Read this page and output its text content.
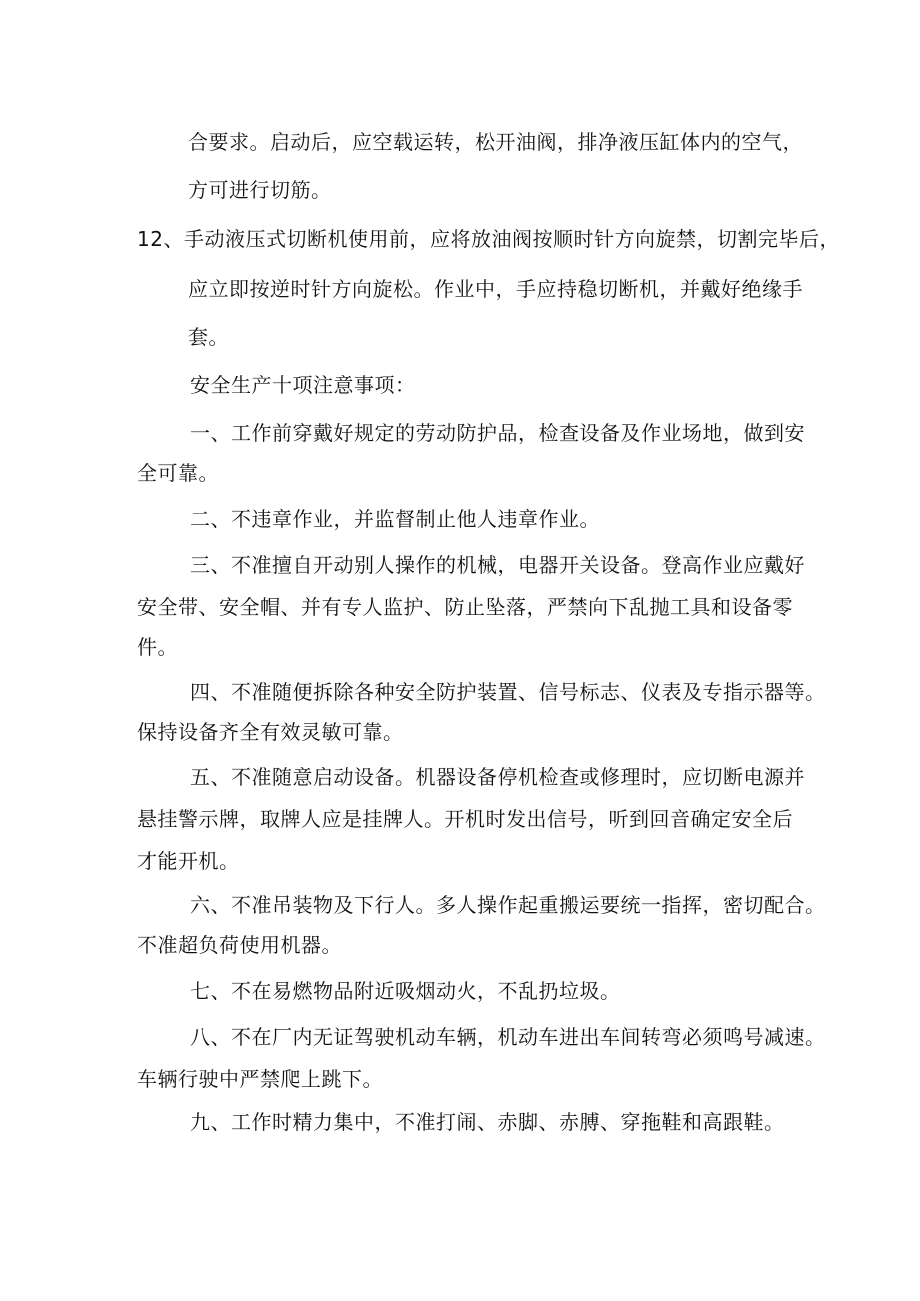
合要求。启动后，应空载运转，松开油阀，排净液压缸体内的空气，
方可进行切筋。
12、手动液压式切断机使用前，应将放油阀按顺时针方向旋禁，切割完毕后，
应立即按逆时针方向旋松。作业中，手应持稳切断机，并戴好绝缘手
套。
安全生产十项注意事项：
一、工作前穿戴好规定的劳动防护品，检查设备及作业场地，做到安
全可靠。
二、不违章作业，并监督制止他人违章作业。
三、不准擅自开动别人操作的机械，电器开关设备。登高作业应戴好
安全带、安全帽、并有专人监护、防止坠落，严禁向下乱抛工具和设备零
件。
四、不准随便拆除各种安全防护装置、信号标志、仪表及专指示器等。
保持设备齐全有效灵敏可靠。
五、不准随意启动设备。机器设备停机检查或修理时，应切断电源并
悬挂警示牌，取牌人应是挂牌人。开机时发出信号，听到回音确定安全后
才能开机。
六、不准吊装物及下行人。多人操作起重搬运要统一指挥，密切配合。
不准超负荷使用机器。
七、不在易燃物品附近吸烟动火，不乱扔垃圾。
八、不在厂内无证驾驶机动车辆，机动车进出车间转弯必须鸣号减速。
车辆行驶中严禁爬上跳下。
九、工作时精力集中，不准打闹、赤脚、赤膊、穿拖鞋和高跟鞋。
